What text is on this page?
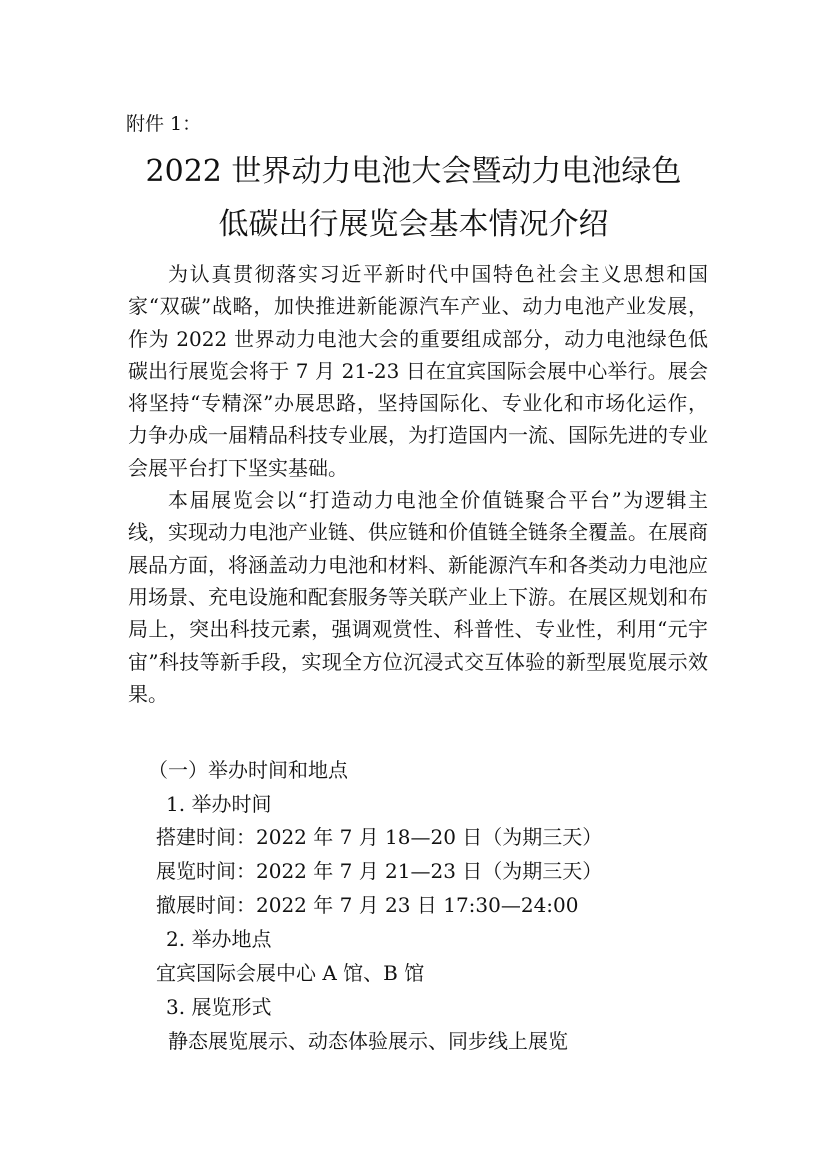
附件 1：
2022 世界动力电池大会暨动力电池绿色
低碳出行展览会基本情况介绍

为认真贯彻落实习近平新时代中国特色社会主义思想和国家“双碳”战略，加快推进新能源汽车产业、动力电池产业发展，作为 2022 世界动力电池大会的重要组成部分，动力电池绿色低碳出行展览会将于 7 月 21-23 日在宜宾国际会展中心举行。展会将坚持“专精深”办展思路，坚持国际化、专业化和市场化运作，力争办成一届精品科技专业展，为打造国内一流、国际先进的专业会展平台打下坚实基础。

本届展览会以“打造动力电池全价值链聚合平台”为逻辑主线，实现动力电池产业链、供应链和价值链全链条全覆盖。在展商展品方面，将涵盖动力电池和材料、新能源汽车和各类动力电池应用场景、充电设施和配套服务等关联产业上下游。在展区规划和布局上，突出科技元素，强调观赏性、科普性、专业性，利用“元宇宙”科技等新手段，实现全方位沉浸式交互体验的新型展览展示效果。

（一）举办时间和地点
1. 举办时间
搭建时间：2022 年 7 月 18—20 日（为期三天）
展览时间：2022 年 7 月 21—23 日（为期三天）
撤展时间：2022 年 7 月 23 日 17:30—24:00
2. 举办地点
宜宾国际会展中心 A 馆、B 馆
3. 展览形式
静态展览展示、动态体验展示、同步线上展览
